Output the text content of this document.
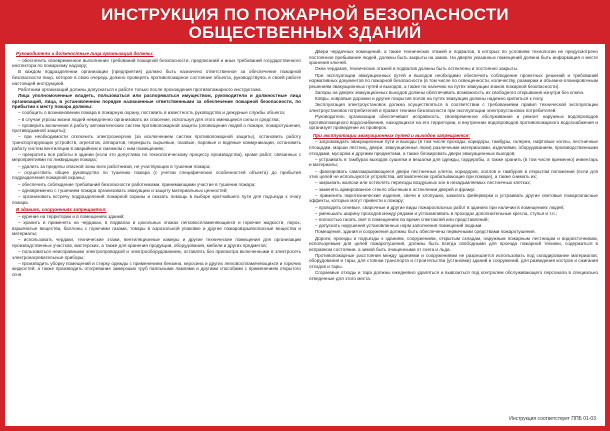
ИНСТРУКЦИЯ ПО ПОЖАРНОЙ БЕЗОПАСНОСТИ
ОБЩЕСТВЕННЫХ ЗДАНИЙ

Руководители и должностные лица организаций должны:

– обеспечить своевременное выполнение требований пожарной безопасности, предписаний и иных требований государственного инспектора по пожарному надзору;

В каждом подразделении организации (предприятия) должно быть назначено ответственное за обеспечение пожарной безопасности лицо, которое в свою очередь должно проверять противопожарное состояние объекта, руководствуясь в своей работе настоящей инструкцией.

Работники организаций должны допускаться к работе только после прохождения противопожарного инструктажа.

Лица уполномоченные владеть, пользоваться или распоряжаться имуществом, руководители и должностные лица организаций, лица, в установленном порядке назначенные ответственными за обеспечение пожарной безопасности, по прибытии к месту пожара должны:

– сообщить о возникновении пожара в пожарную охрану, поставить в известность руководство и дежурные службы объекта;

– в случае угрозы жизни людей немедленно организовать их спасение, используя для этого имеющиеся силы и средства;

– проверить включение в работу автоматических систем противопожарной защиты (оповещения людей о пожаре, пожаротушения, противодымной защиты);

– при необходимости отключить электроэнергию (за исключением систем противопожарной защиты), остановить работу транспортирующих устройств, агрегатов, аппаратов, перекрыть сырьевые, газовые, паровые и водяные коммуникации, остановить работу систем вентиляции в аварийном и смежном с ним помещениях;

– прекратить все работы в здании (если это допустимо по технологическому процессу производства), кроме работ, связанных с мероприятиями по ликвидации пожара;

– удалить за пределы опасной зоны всех работников, не участвующих в тушении пожара;

– осуществить общее руководство по тушению пожара (с учетом специфических особенностей объекта) до прибытия подразделения пожарной охраны;

– обеспечить соблюдение требований безопасности работниками, принимающими участие в тушении пожара;

– одновременно с тушением пожара организовать эвакуацию и защиту материальных ценностей;

– организовать встречу подразделений пожарной охраны и оказать помощь в выборе кратчайшего пути для подъезда к очагу пожара.

В зданиях, сооружениях запрещается:

– курение на территории и в помещениях зданий;

– хранить и применять на чердаках, в подвалах и цокольных этажах легковоспламеняющиеся и горючие жидкости, порох, взрывчатые вещества, баллоны с горючими газами, товары в аэрозольной упаковке и другие пожаровзрывоопасные вещества и материалы;

– использовать чердаки, технические этажи, вентиляционные камеры и другие технические помещения для организации производственных участков, мастерских, а также для хранения продукции, оборудования, мебели и других предметов;

– пользоваться неисправными электропроводкой и электрооборудованием, оставлять без присмотра включенными в электросеть электронагревательные приборы;

– производить уборку помещений и стирку одежды с применением бензина, керосина и других легковоспламеняющихся и горючих жидкостей, а также производить отогревание замерзших труб паяльными лампами и другими способами с применением открытого огня.

Двери чердачных помещений, а также технических этажей и подвалов, в которых по условиям технологии не предусмотрено постоянное пребывание людей, должны быть закрыты на замок. На дверях указанных помещений должна быть информация о месте хранения ключей.

Окна чердаков, технических этажей и подвалов должны быть остеклены и постоянно закрыты.

При эксплуатации эвакуационных путей и выходов необходимо обеспечить соблюдение проектных решений и требований нормативных документов по пожарной безопасности (в том числе по освещенности, количеству, размерам и объемно-планировочным решениям эвакуационных путей и выходов, а также по наличию на путях эвакуации знаков пожарной безопасности).

Запоры на дверях эвакуационных выходов должны обеспечивать возможность их свободного открывания изнутри без ключа.

Ковры, ковровые дорожки и другие покрытия полов на путях эвакуации должны надежно крепиться к полу.

Эксплуатация электроустановок должна осуществляться в соответствии с требованиями правил технической эксплуатации электроустановок потребителей и правил техники безопасности при эксплуатации электроустановок потребителей.

Руководитель организации обеспечивает исправность, своевременное обслуживание и ремонт наружных водопроводов противопожарного водоснабжения, находящихся на его территории, и внутренних водопроводов противопожарного водоснабжения и организует проведение их проверок.

При эксплуатации эвакуационных путей и выходов запрещается:

– загромождать эвакуационные пути и выходы (в том числе проходы, коридоры, тамбуры, галереи, лифтовые холлы, лестничные площадки, марши лестниц, двери, эвакуационные люки) различными материалами, изделиями, оборудованием, производственными отходами, мусором и другими предметами, а также блокировать двери эвакуационных выходов;

– устраивать в тамбурах выходов сушилки и вешалки для одежды, гардеробы, а также хранить (в том числе временно) инвентарь и материалы;

– фиксировать самозакрывающиеся двери лестничных клеток, коридоров, холлов и тамбуров в открытом положении (если для этих целей не используются устройства, автоматически срабатывающие при пожаре), а также снимать их;

– закрывать жалюзи или остеклять переходы воздушных зон в незадымляемых лестничных клетках;

– заменять армированное стекло обычным в остеклении дверей и фрамуг.

– применять пиротехнические изделия, свечи и хлопушки, зажигать фейерверки и устраивать другие световые пожароопасные эффекты, которые могут привести к пожару;

– проводить огневые, сварочные и другие виды пожароопасных работ в зданиях при наличии в помещениях людей;

– уменьшать ширину проходов между рядами и устанавливать в проходах дополнительные кресла, стулья и т.п.;

– полностью гасить свет в помещениях во время спектаклей или представлений;

– допускать нарушения установленных норм заполнения помещений людьми.

Помещения, здания и сооружения должны быть обеспечены первичными средствами пожаротушения.

Дороги, проезды и подъезды к зданиям, сооружениям, открытым складам, наружным пожарным лестницам и водоисточникам, используемым для целей пожаротушения, должны быть всегда свободными для проезда пожарной техники, содержаться в исправном состоянии, а зимой быть очищенными от снега и льда.

Противопожарные расстояния между зданиями и сооружениями не разрешается использовать под складирование материалов, оборудования и тары, для стоянки транспорта и строительства (установки) зданий и сооружений, для разведения костров и сжигания отходов и тары.

Сгораемые отходы и тара должны ежедневно удаляться и вывозиться под контролем обслуживающего персонала в специально отведенные для этого места.

Инструкция соответствует ППБ 01-03
